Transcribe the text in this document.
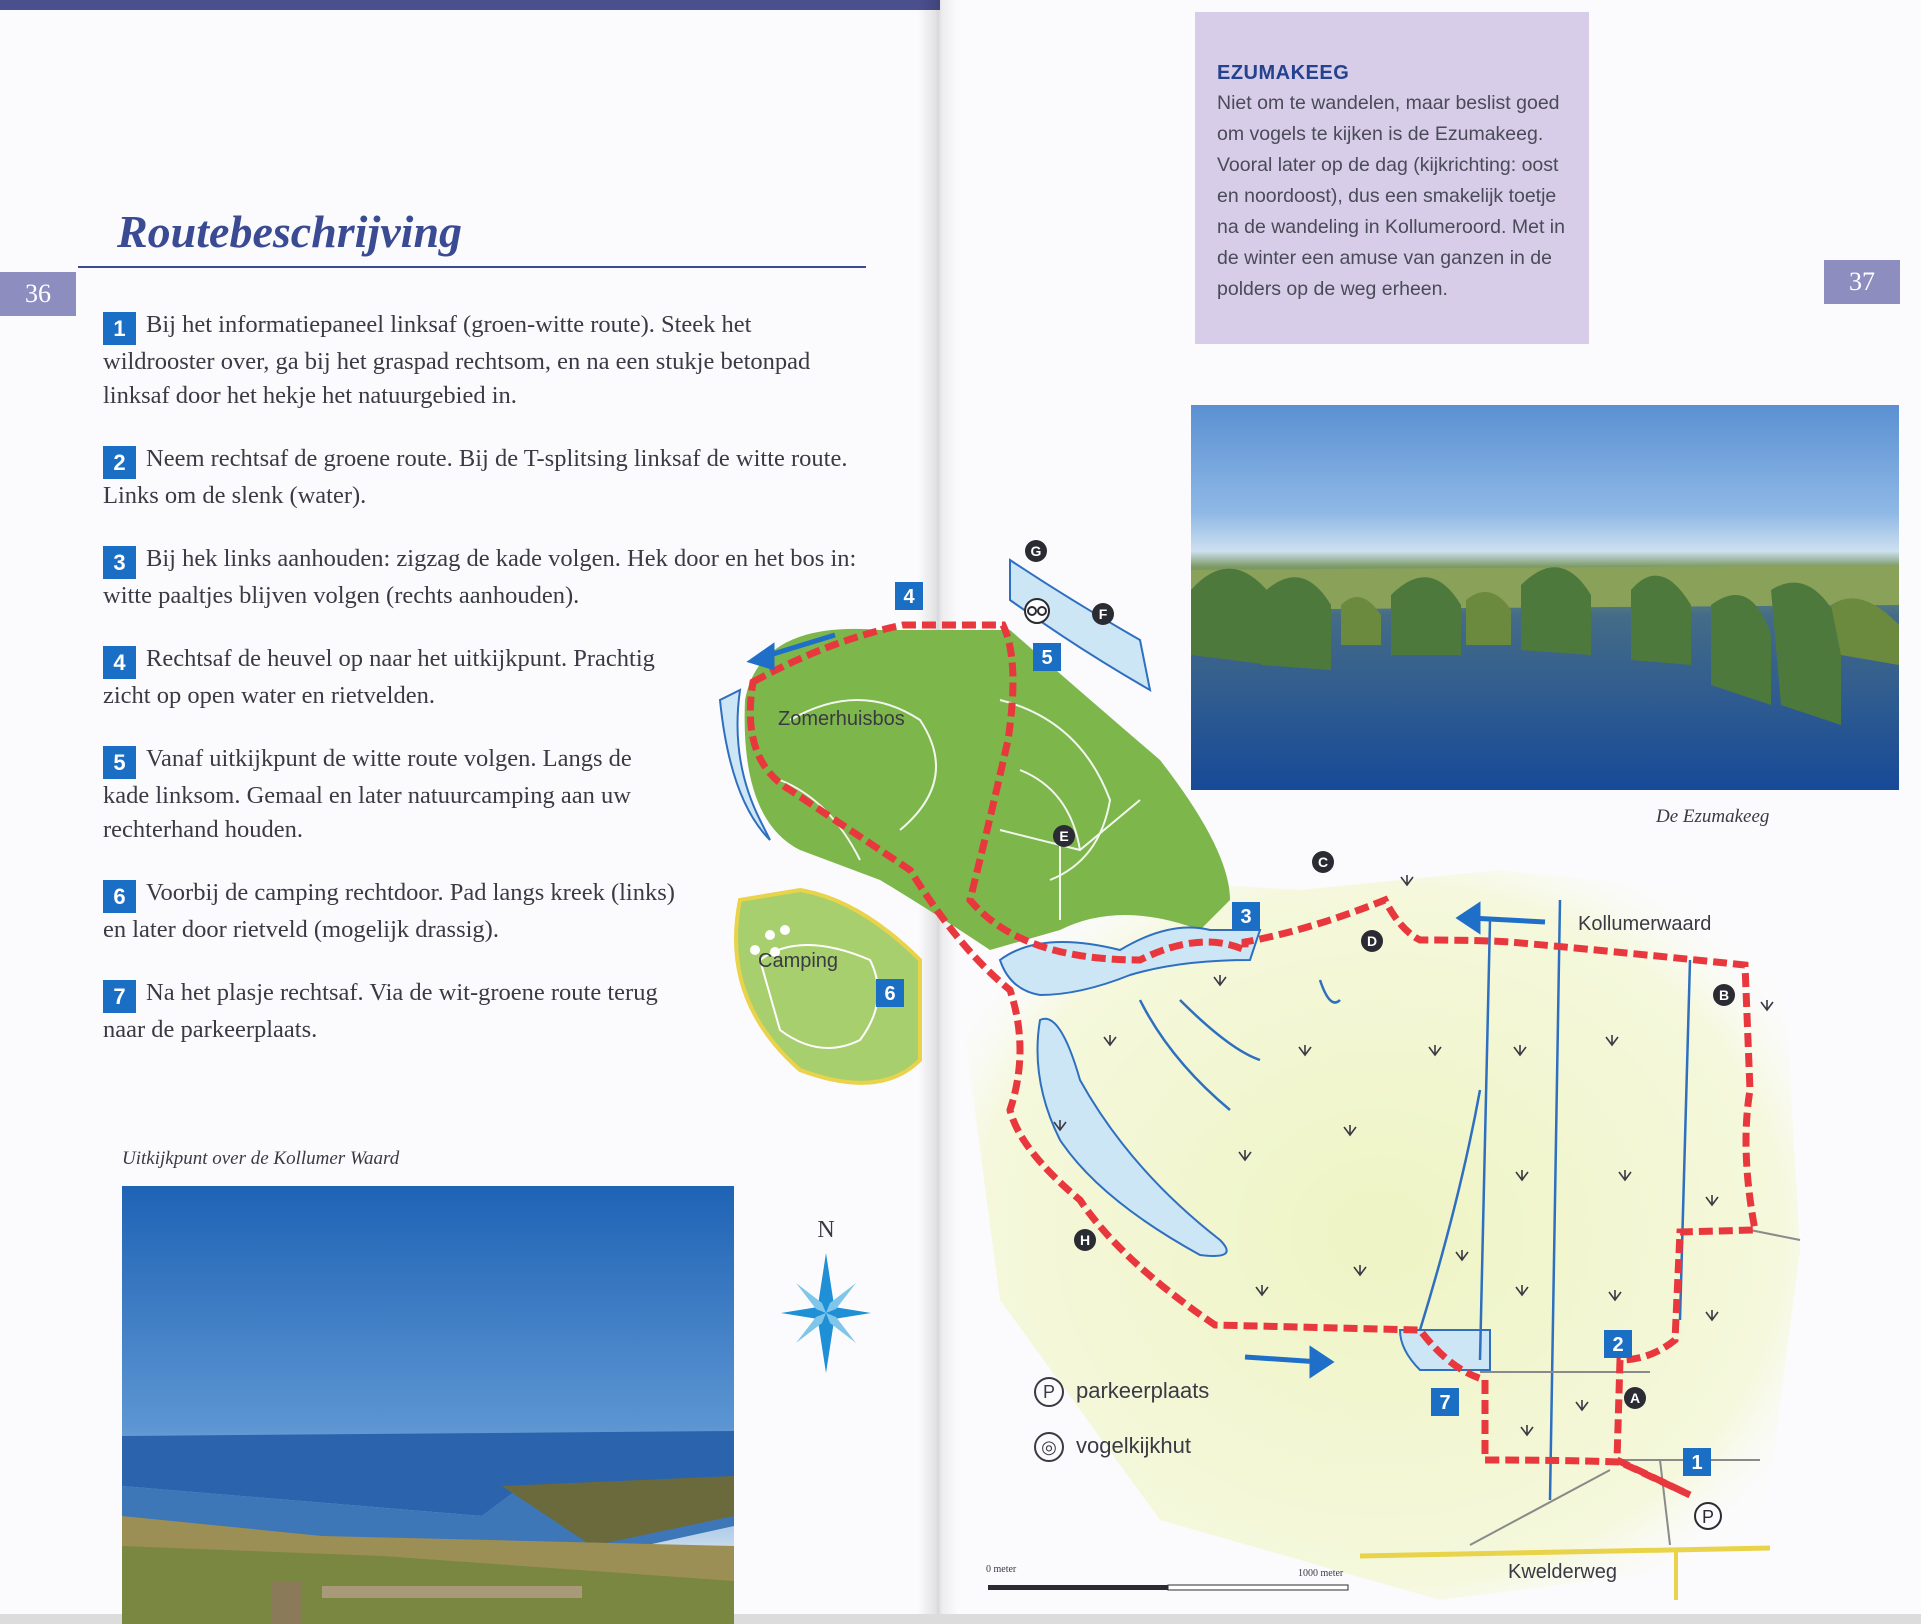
36
Routebeschrijving
1 Bij het informatiepaneel linksaf (groen-witte route). Steek het wildrooster over, ga bij het graspad rechtsom, en na een stukje betonpad linksaf door het hekje het natuurgebied in.
2 Neem rechtsaf de groene route. Bij de T-splitsing linksaf de witte route. Links om de slenk (water).
3 Bij hek links aanhouden: zigzag de kade volgen. Hek door en het bos in: witte paaltjes blijven volgen (rechts aanhouden).
4 Rechtsaf de heuvel op naar het uitkijkpunt. Prachtig zicht op open water en rietvelden.
5 Vanaf uitkijkpunt de witte route volgen. Langs de kade linksom. Gemaal en later natuurcamping aan uw rechterhand houden.
6 Voorbij de camping rechtdoor. Pad langs kreek (links) en later door rietveld (mogelijk drassig).
7 Na het plasje rechtsaf. Via de wit-groene route terug naar de parkeerplaats.
Uitkijkpunt over de Kollumer Waard
EZUMAKEEG
Niet om te wandelen, maar beslist goed om vogels te kijken is de Ezumakeeg. Vooral later op de dag (kijkrichting: oost en noordoost), dus een smakelijk toetje na de wandeling in Kollumeroord. Met in de winter een amuse van ganzen in de polders op de weg erheen.	37
De Ezumakeeg
N
Zomerhuisbos
Camping
Kollumerwaard
Kwelderweg
4
5
3
6
2
7
1
G
F
E
C
D
B
H
A
P
0 meter	1000 meter
P parkeerplaats
◎ vogelkijkhut
